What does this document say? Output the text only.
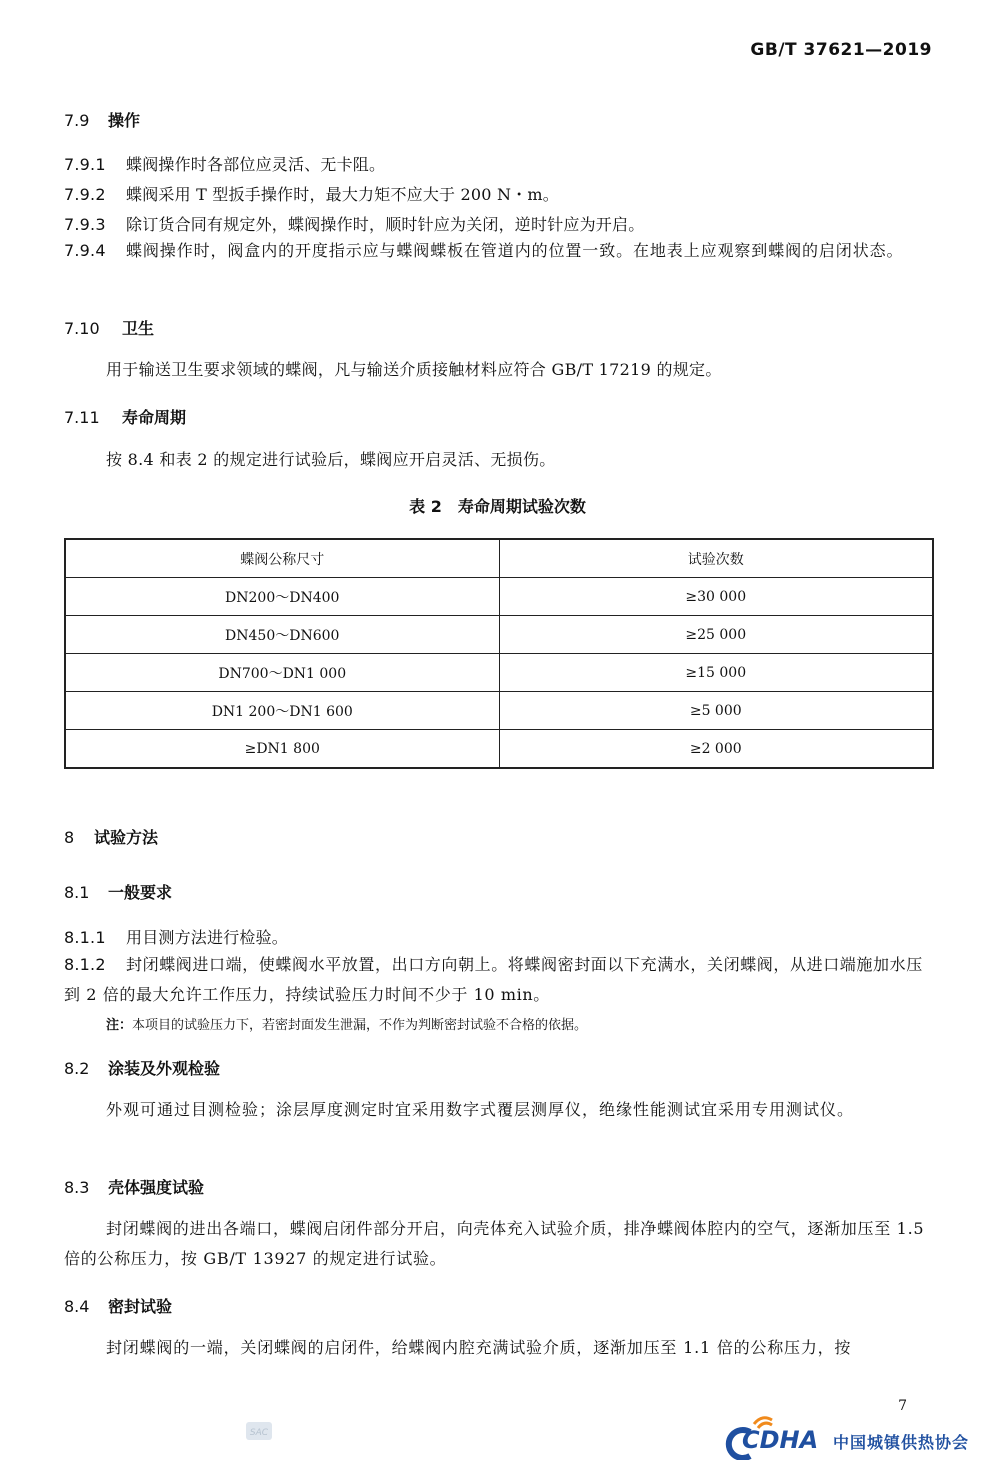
GB/T 37621—2019
7.9 操作
7.9.1 蝶阀操作时各部位应灵活、无卡阻。
7.9.2 蝶阀采用 T 型扳手操作时，最大力矩不应大于 200 N・m。
7.9.3 除订货合同有规定外，蝶阀操作时，顺时针应为关闭，逆时针应为开启。
7.9.4 蝶阀操作时，阀盒内的开度指示应与蝶阀蝶板在管道内的位置一致。在地表上应观察到蝶阀的启闭状态。
7.10 卫生
用于输送卫生要求领域的蝶阀，凡与输送介质接触材料应符合 GB/T 17219 的规定。
7.11 寿命周期
按 8.4 和表 2 的规定进行试验后，蝶阀应开启灵活、无损伤。
表 2　寿命周期试验次数
蝶阀公称尺寸	试验次数
DN200～DN400	≥30 000
DN450～DN600	≥25 000
DN700～DN1 000	≥15 000
DN1 200～DN1 600	≥5 000
≥DN1 800	≥2 000
8 试验方法
8.1 一般要求
8.1.1 用目测方法进行检验。
8.1.2 封闭蝶阀进口端，使蝶阀水平放置，出口方向朝上。将蝶阀密封面以下充满水，关闭蝶阀，从进口端施加水压到 2 倍的最大允许工作压力，持续试验压力时间不少于 10 min。
注：本项目的试验压力下，若密封面发生泄漏，不作为判断密封试验不合格的依据。
8.2 涂装及外观检验
外观可通过目测检验；涂层厚度测定时宜采用数字式覆层测厚仪，绝缘性能测试宜采用专用测试仪。
8.3 壳体强度试验
封闭蝶阀的进出各端口，蝶阀启闭件部分开启，向壳体充入试验介质，排净蝶阀体腔内的空气，逐渐加压至 1.5 倍的公称压力，按 GB/T 13927 的规定进行试验。
8.4 密封试验
封闭蝶阀的一端，关闭蝶阀的启闭件，给蝶阀内腔充满试验介质，逐渐加压至 1.1 倍的公称压力，按
7
SAC	CDHA 中国城镇供热协会
